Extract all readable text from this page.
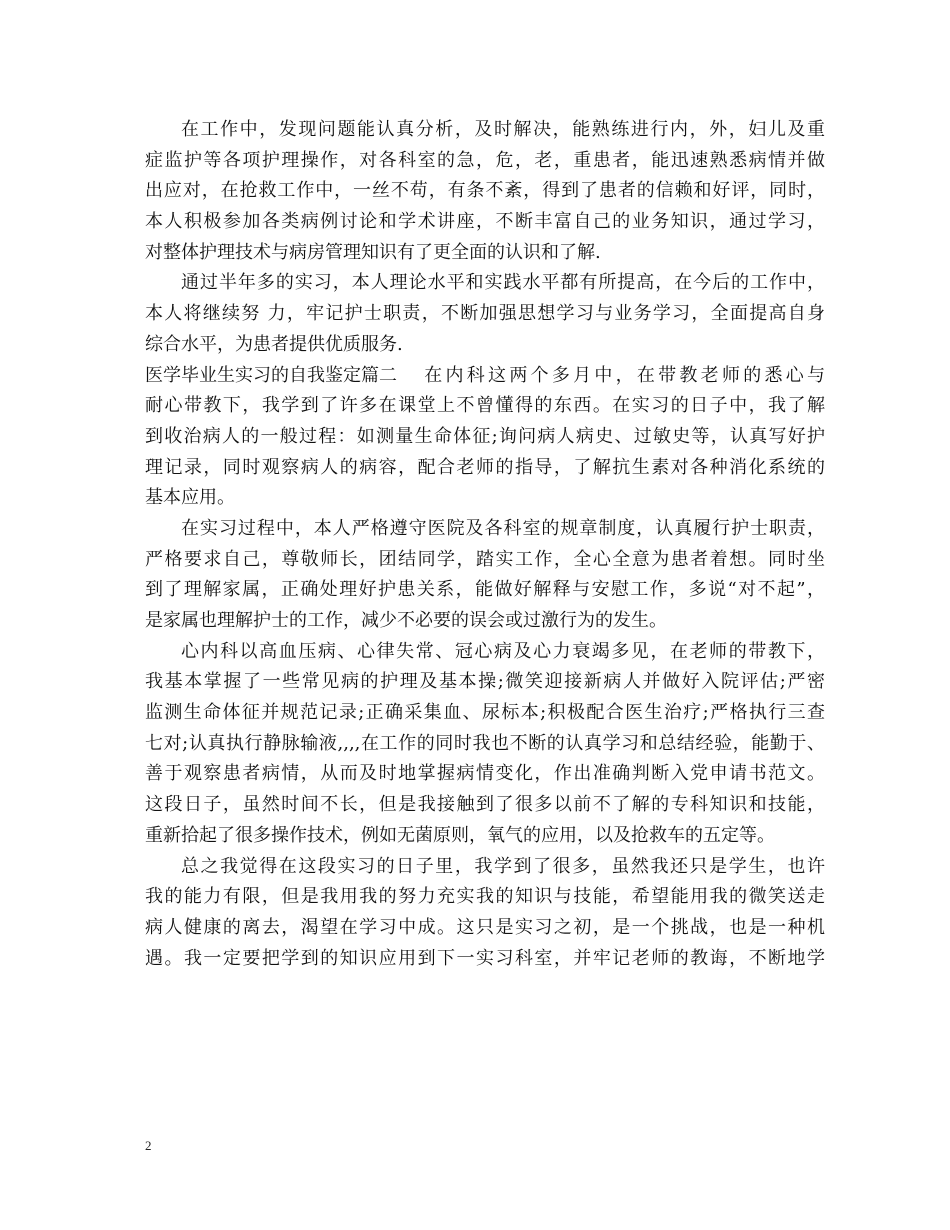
在工作中，发现问题能认真分析，及时解决，能熟练进行内，外，妇儿及重
症监护等各项护理操作，对各科室的急，危，老，重患者，能迅速熟悉病情并做
出应对，在抢救工作中，一丝不苟，有条不紊，得到了患者的信赖和好评，同时，
本人积极参加各类病例讨论和学术讲座，不断丰富自己的业务知识，通过学习，
对整体护理技术与病房管理知识有了更全面的认识和了解.
通过半年多的实习，本人理论水平和实践水平都有所提高，在今后的工作中，
本人将继续努 力，牢记护士职责，不断加强思想学习与业务学习，全面提高自身
综合水平，为患者提供优质服务.
医学毕业生实习的自我鉴定篇二 在内科这两个多月中，在带教老师的悉心与
耐心带教下，我学到了许多在课堂上不曾懂得的东西。在实习的日子中，我了解
到收治病人的一般过程：如测量生命体征;询问病人病史、过敏史等，认真写好护
理记录，同时观察病人的病容，配合老师的指导，了解抗生素对各种消化系统的
基本应用。
在实习过程中，本人严格遵守医院及各科室的规章制度，认真履行护士职责，
严格要求自己，尊敬师长，团结同学，踏实工作，全心全意为患者着想。同时坐
到了理解家属，正确处理好护患关系，能做好解释与安慰工作，多说“对不起”，
是家属也理解护士的工作，减少不必要的误会或过激行为的发生。
心内科以高血压病、心律失常、冠心病及心力衰竭多见，在老师的带教下，
我基本掌握了一些常见病的护理及基本操;微笑迎接新病人并做好入院评估;严密
监测生命体征并规范记录;正确采集血、尿标本;积极配合医生治疗;严格执行三查
七对;认真执行静脉输液,,,,在工作的同时我也不断的认真学习和总结经验，能勤于、
善于观察患者病情，从而及时地掌握病情变化，作出准确判断入党申请书范文。
这段日子，虽然时间不长，但是我接触到了很多以前不了解的专科知识和技能，
重新拾起了很多操作技术，例如无菌原则，氧气的应用，以及抢救车的五定等。
总之我觉得在这段实习的日子里，我学到了很多，虽然我还只是学生，也许
我的能力有限，但是我用我的努力充实我的知识与技能，希望能用我的微笑送走
病人健康的离去，渴望在学习中成。这只是实习之初，是一个挑战，也是一种机
遇。我一定要把学到的知识应用到下一实习科室，并牢记老师的教诲，不断地学
2
